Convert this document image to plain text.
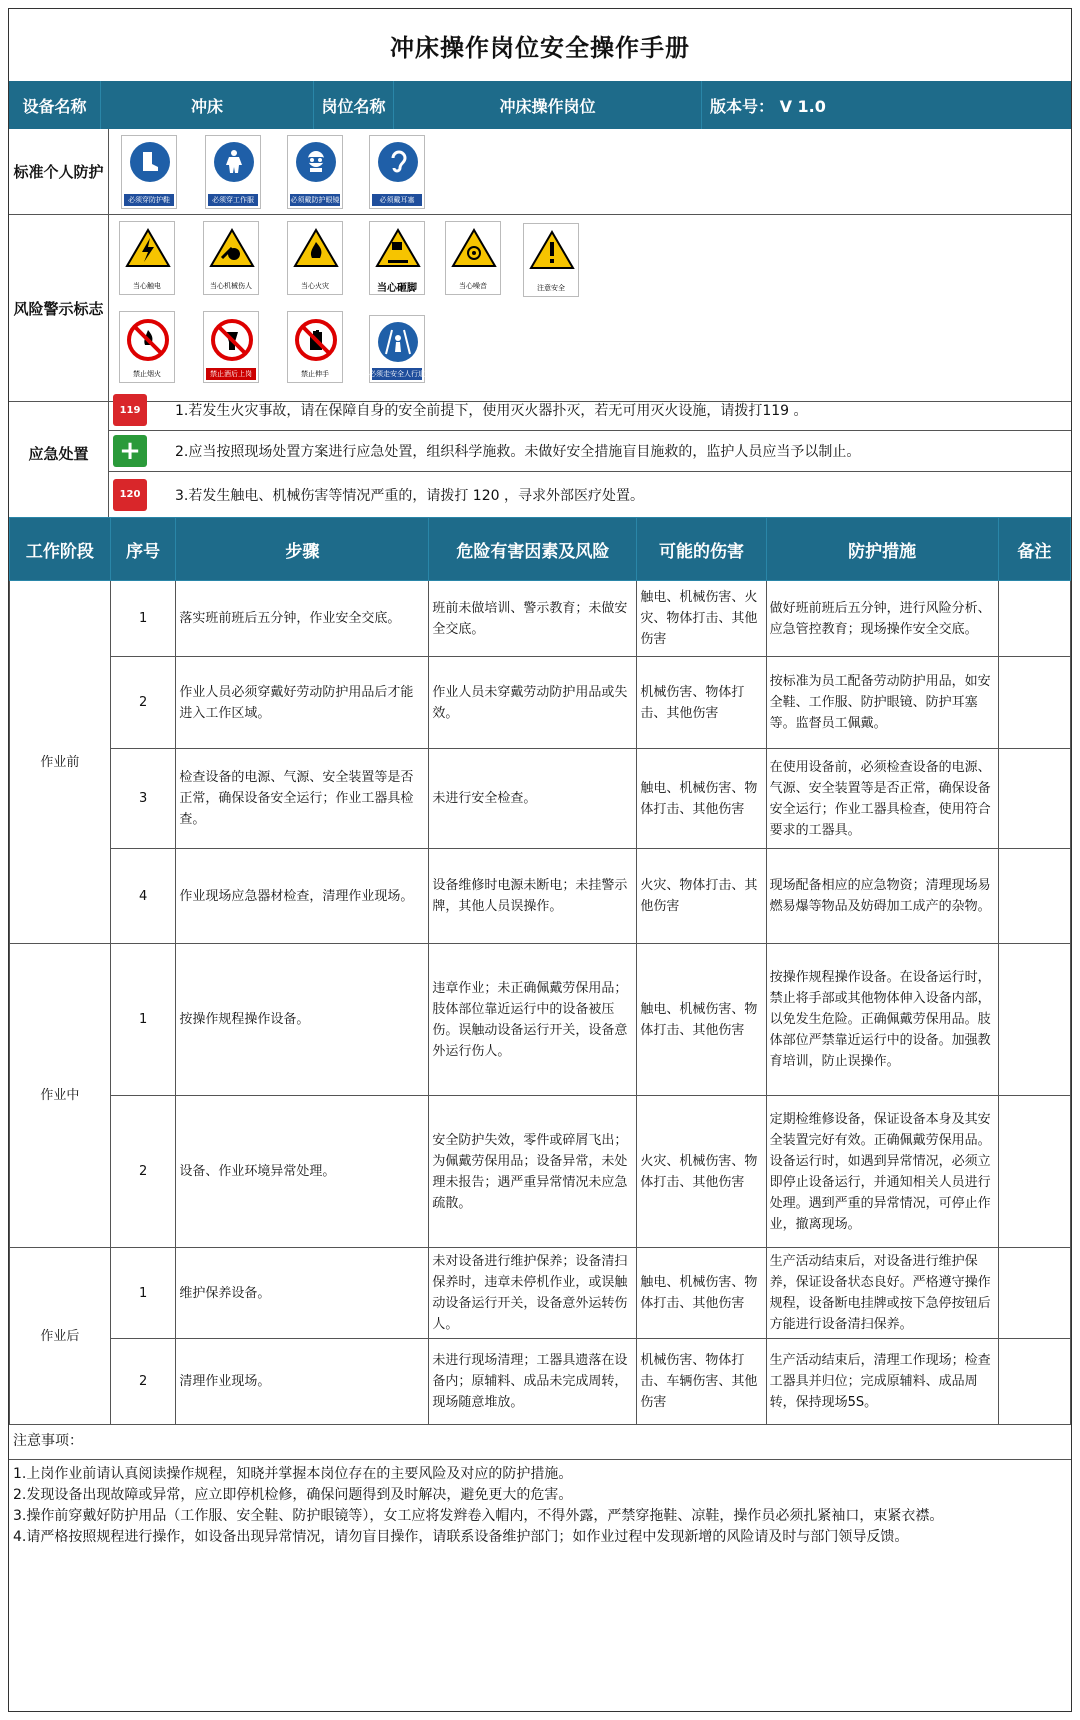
冲床操作岗位安全操作手册
设备名称	冲床	岗位名称	冲床操作岗位	版本号： V 1.0
标准个人防护
必须穿防护鞋	必须穿工作服	必须戴防护眼镜	必须戴耳塞
风险警示标志
当心触电	当心机械伤人	当心火灾	当心砸脚	当心噪音	注意安全
禁止烟火	禁止酒后上岗	禁止伸手	必须走安全人行道
应急处置
119	1.若发生火灾事故，请在保障自身的安全前提下，使用灭火器扑灭，若无可用灭火设施，请拨打119 。
+	2.应当按照现场处置方案进行应急处置，组织科学施救。未做好安全措施盲目施救的，监护人员应当予以制止。
120	3.若发生触电、机械伤害等情况严重的，请拨打 120 ，寻求外部医疗处置。
工作阶段	序号	步骤	危险有害因素及风险	可能的伤害	防护措施	备注
作业前	1	落实班前班后五分钟，作业安全交底。	班前未做培训、警示教育；未做安全交底。	触电、机械伤害、火灾、物体打击、其他伤害	做好班前班后五分钟，进行风险分析、应急管控教育；现场操作安全交底。	
	2	作业人员必须穿戴好劳动防护用品后才能进入工作区域。	作业人员未穿戴劳动防护用品或失效。	机械伤害、物体打击、其他伤害	按标准为员工配备劳动防护用品，如安全鞋、工作服、防护眼镜、防护耳塞等。监督员工佩戴。	
	3	检查设备的电源、气源、安全装置等是否正常，确保设备安全运行；作业工器具检查。	未进行安全检查。	触电、机械伤害、物体打击、其他伤害	在使用设备前，必须检查设备的电源、气源、安全装置等是否正常，确保设备安全运行；作业工器具检查，使用符合要求的工器具。	
	4	作业现场应急器材检查，清理作业现场。	设备维修时电源未断电；未挂警示牌，其他人员误操作。	火灾、物体打击、其他伤害	现场配备相应的应急物资；清理现场易燃易爆等物品及妨碍加工成产的杂物。	
作业中	1	按操作规程操作设备。	违章作业；未正确佩戴劳保用品；肢体部位靠近运行中的设备被压伤。误触动设备运行开关，设备意外运行伤人。	触电、机械伤害、物体打击、其他伤害	按操作规程操作设备。在设备运行时，禁止将手部或其他物体伸入设备内部，以免发生危险。正确佩戴劳保用品。肢体部位严禁靠近运行中的设备。加强教育培训，防止误操作。	
	2	设备、作业环境异常处理。	安全防护失效，零件或碎屑飞出；为佩戴劳保用品；设备异常，未处理未报告；遇严重异常情况未应急疏散。	火灾、机械伤害、物体打击、其他伤害	定期检维修设备，保证设备本身及其安全装置完好有效。正确佩戴劳保用品。设备运行时，如遇到异常情况，必须立即停止设备运行，并通知相关人员进行处理。遇到严重的异常情况，可停止作业，撤离现场。	
作业后	1	维护保养设备。	未对设备进行维护保养；设备清扫保养时，违章未停机作业，或误触动设备运行开关，设备意外运转伤人。	触电、机械伤害、物体打击、其他伤害	生产活动结束后，对设备进行维护保养，保证设备状态良好。严格遵守操作规程，设备断电挂牌或按下急停按钮后方能进行设备清扫保养。	
	2	清理作业现场。	未进行现场清理；工器具遗落在设备内；原辅料、成品未完成周转，现场随意堆放。	机械伤害、物体打击、车辆伤害、其他伤害	生产活动结束后，清理工作现场；检查工器具并归位；完成原辅料、成品周转，保持现场5S。	
注意事项：
1.上岗作业前请认真阅读操作规程，知晓并掌握本岗位存在的主要风险及对应的防护措施。
2.发现设备出现故障或异常，应立即停机检修，确保问题得到及时解决，避免更大的危害。
3.操作前穿戴好防护用品（工作服、安全鞋、防护眼镜等），女工应将发辫卷入帽内，不得外露，严禁穿拖鞋、凉鞋，操作员必须扎紧袖口，束紧衣襟。
4.请严格按照规程进行操作，如设备出现异常情况，请勿盲目操作，请联系设备维护部门；如作业过程中发现新增的风险请及时与部门领导反馈。
